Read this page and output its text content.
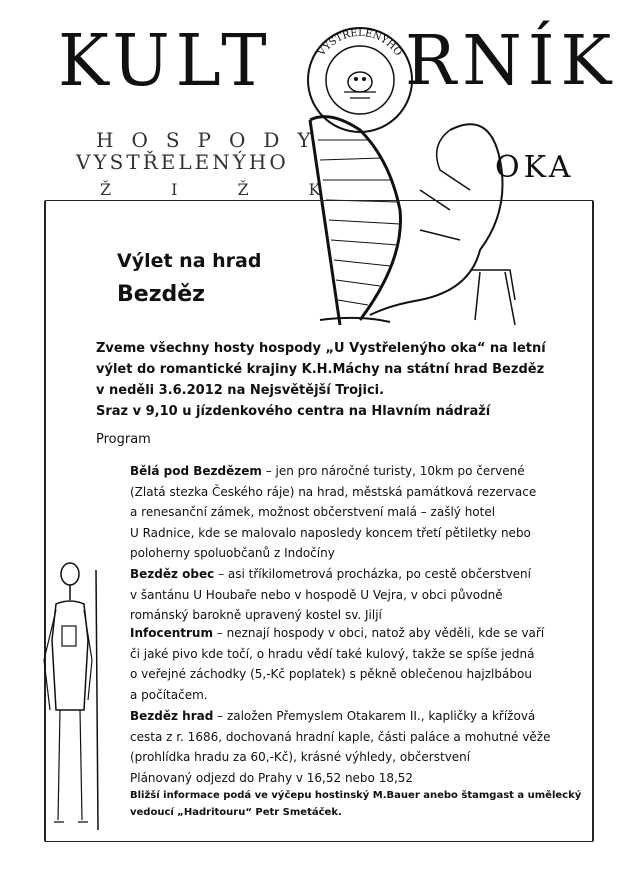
KULT RNÍK
HOSPODY
VYSTŘELENÝHO
ŽIŽK
OKA
VYSTŘELENÝHO
Výlet na hrad
Bezděz
Zveme všechny hosty hospody „U Vystřelenýho oka“ na letní
výlet do romantické krajiny K.H.Máchy na státní hrad Bezděz
v neděli 3.6.2012 na Nejsvětější Trojici.
Sraz v 9,10 u jízdenkového centra na Hlavním nádraží
Program
Bělá pod Bezdězem – jen pro náročné turisty, 10km po červené
(Zlatá stezka Českého ráje) na hrad, městská památková rezervace
a renesanční zámek, možnost občerstvení malá – zašlý hotel
U Radnice, kde se malovalo naposledy koncem třetí pětiletky nebo
poloherny spoluobčanů z Indočíny
Bezděz obec – asi tříkilometrová procházka, po cestě občerstvení
v šantánu U Houbaře nebo v hospodě U Vejra, v obci původně
románský barokně upravený kostel sv. Jiljí
Infocentrum – neznají hospody v obci, natož aby věděli, kde se vaří
či jaké pivo kde točí, o hradu vědí také kulový, takže se spíše jedná
o veřejné záchodky (5,-Kč poplatek) s pěkně oblečenou hajzlbábou
a počítačem.
Bezděz hrad – založen Přemyslem Otakarem II., kapličky a křížová
cesta z r. 1686, dochovaná hradní kaple, části paláce a mohutné věže
(prohlídka hradu za 60,-Kč), krásné výhledy, občerstvení
Plánovaný odjezd do Prahy v 16,52 nebo 18,52
Bližší informace podá ve výčepu hostinský M.Bauer anebo štamgast a umělecký
vedoucí „Hadritouru“ Petr Smetáček.
